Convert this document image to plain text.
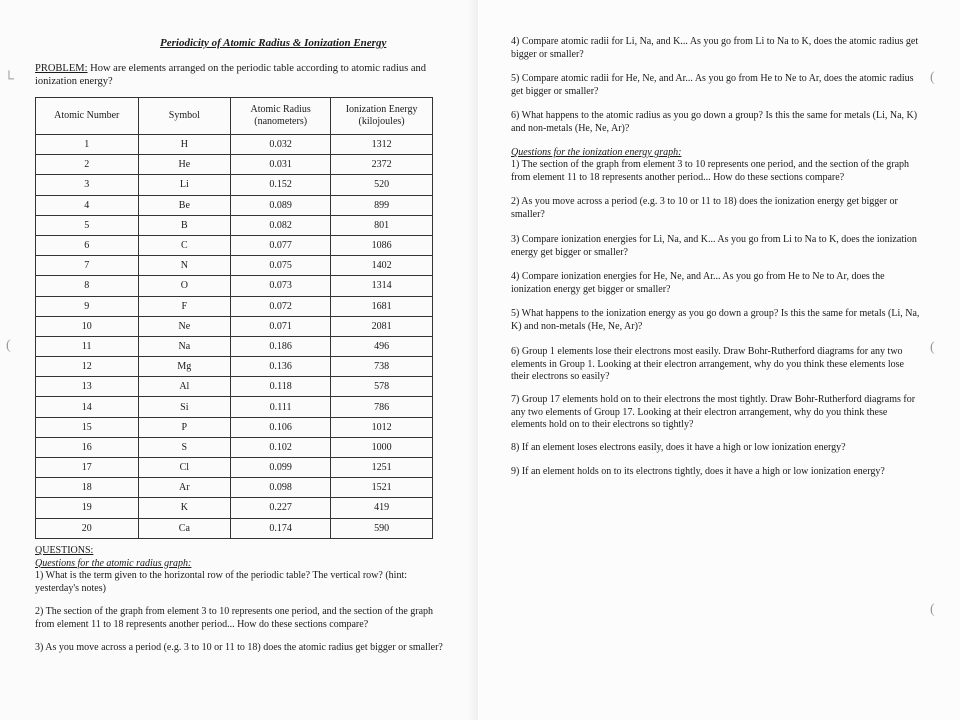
Periodicity of Atomic Radius & Ionization Energy
PROBLEM: How are elements arranged on the periodic table according to atomic radius and ionization energy?
Atomic Number	Symbol	Atomic Radius (nanometers)	Ionization Energy (kilojoules)
1	H	0.032	1312
2	He	0.031	2372
3	Li	0.152	520
4	Be	0.089	899
5	B	0.082	801
6	C	0.077	1086
7	N	0.075	1402
8	O	0.073	1314
9	F	0.072	1681
10	Ne	0.071	2081
11	Na	0.186	496
12	Mg	0.136	738
13	Al	0.118	578
14	Si	0.111	786
15	P	0.106	1012
16	S	0.102	1000
17	Cl	0.099	1251
18	Ar	0.098	1521
19	K	0.227	419
20	Ca	0.174	590
QUESTIONS:
Questions for the atomic radius graph:

1) What is the term given to the horizontal row of the periodic table? The vertical row? (hint: yesterday's notes)

2) The section of the graph from element 3 to 10 represents one period, and the section of the graph from element 11 to 18 represents another period... How do these sections compare?

3) As you move across a period (e.g. 3 to 10 or 11 to 18) does the atomic radius get bigger or smaller?

└
(
(
(
(
4) Compare atomic radii for Li, Na, and K... As you go from Li to Na to K, does the atomic radius get bigger or smaller?
5) Compare atomic radii for He, Ne, and Ar... As you go from He to Ne to Ar, does the atomic radius get bigger or smaller?
6) What happens to the atomic radius as you go down a group? Is this the same for metals (Li, Na, K) and non-metals (He, Ne, Ar)?
Questions for the ionization energy graph:
1) The section of the graph from element 3 to 10 represents one period, and the section of the graph from element 11 to 18 represents another period... How do these sections compare?
2) As you move across a period (e.g. 3 to 10 or 11 to 18) does the ionization energy get bigger or smaller?
3) Compare ionization energies for Li, Na, and K... As you go from Li to Na to K, does the ionization energy get bigger or smaller?
4) Compare ionization energies for He, Ne, and Ar... As you go from He to Ne to Ar, does the ionization energy get bigger or smaller?
5) What happens to the ionization energy as you go down a group? Is this the same for metals (Li, Na, K) and non-metals (He, Ne, Ar)?
6) Group 1 elements lose their electrons most easily. Draw Bohr-Rutherford diagrams for any two elements in Group 1. Looking at their electron arrangement, why do you think these elements lose their electrons so easily?
7) Group 17 elements hold on to their electrons the most tightly. Draw Bohr-Rutherford diagrams for any two elements of Group 17. Looking at their electron arrangement, why do you think these elements hold on to their electrons so tightly?
8) If an element loses electrons easily, does it have a high or low ionization energy?
9) If an element holds on to its electrons tightly, does it have a high or low ionization energy?
